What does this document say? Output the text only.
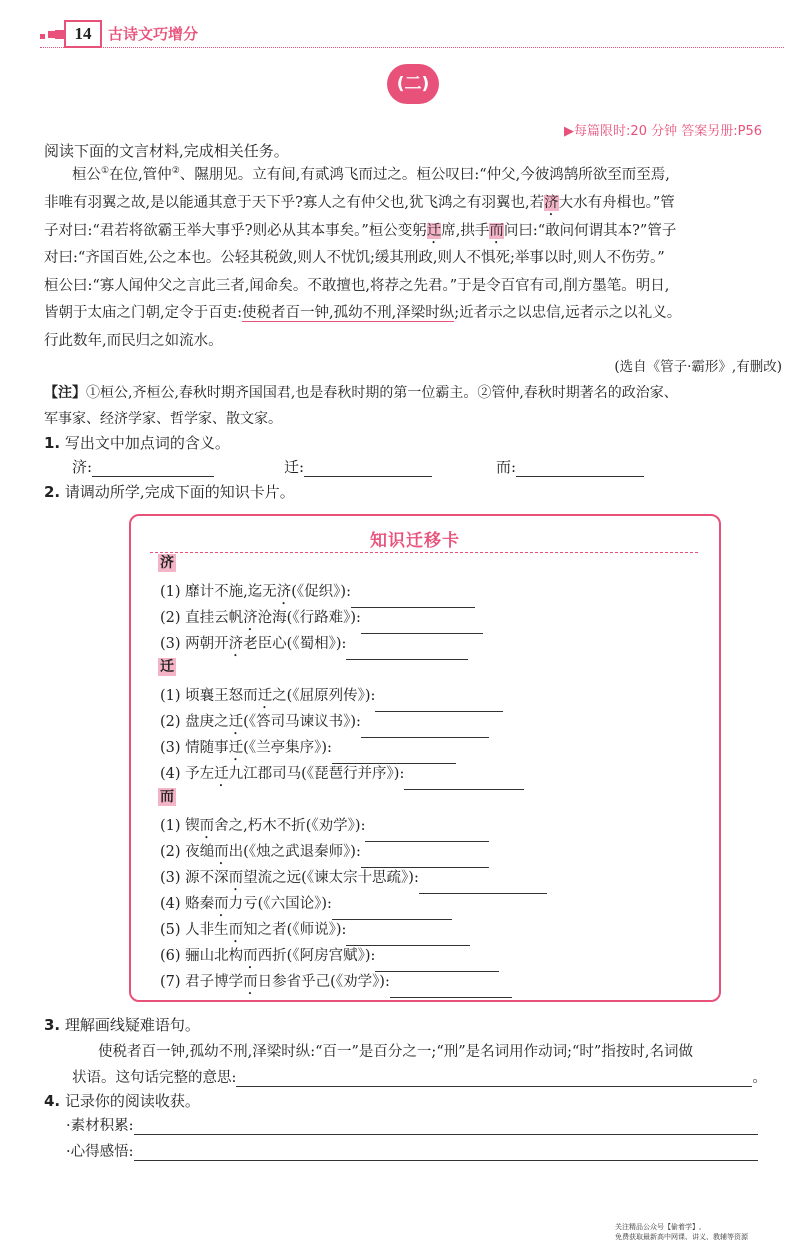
14	古诗文巧增分
(二)
▶每篇限时:20 分钟 答案另册:P56
阅读下面的文言材料,完成相关任务。
桓公①在位,管仲②、隰朋见。立有间,有贰鸿飞而过之。桓公叹曰:“仲父,今彼鸿鹄所欲至而至焉,
非唯有羽翼之故,是以能通其意于天下乎?寡人之有仲父也,犹飞鸿之有羽翼也,若济大水有舟楫也。”管
子对曰:“君若将欲霸王举大事乎?则必从其本事矣。”桓公变躬迁席,拱手而问曰:“敢问何谓其本?”管子
对曰:“齐国百姓,公之本也。公轻其税敛,则人不忧饥;缓其刑政,则人不惧死;举事以时,则人不伤劳。”
桓公曰:“寡人闻仲父之言此三者,闻命矣。不敢擅也,将荐之先君。”于是令百官有司,削方墨笔。明日,
皆朝于太庙之门朝,定令于百吏:使税者百一钟,孤幼不刑,泽梁时纵;近者示之以忠信,远者示之以礼义。
行此数年,而民归之如流水。
(选自《管子·霸形》,有删改)
【注】①桓公,齐桓公,春秋时期齐国国君,也是春秋时期的第一位霸主。②管仲,春秋时期著名的政治家、
军事家、经济学家、哲学家、散文家。
1. 写出文中加点词的含义。
济:	迁:	而:
2. 请调动所学,完成下面的知识卡片。
知识迁移卡
济
(1) 靡计不施,迄无济(《促织》):
(2) 直挂云帆济沧海(《行路难》):
(3) 两朝开济老臣心(《蜀相》):
迁
(1) 顷襄王怒而迁之(《屈原列传》):
(2) 盘庚之迁(《答司马谏议书》):
(3) 情随事迁(《兰亭集序》):
(4) 予左迁九江郡司马(《琵琶行并序》):
而
(1) 锲而舍之,朽木不折(《劝学》):
(2) 夜缒而出(《烛之武退秦师》):
(3) 源不深而望流之远(《谏太宗十思疏》):
(4) 赂秦而力亏(《六国论》):
(5) 人非生而知之者(《师说》):
(6) 骊山北构而西折(《阿房宫赋》):
(7) 君子博学而日参省乎己(《劝学》):
3. 理解画线疑难语句。
使税者百一钟,孤幼不刑,泽梁时纵:“百一”是百分之一;“刑”是名词用作动词;“时”指按时,名词做
状语。这句话完整的意思:	。
4. 记录你的阅读收获。
·素材积累:
·心得感悟:
关注精品公众号【偷着学】,
免费获取最新高中网课、讲义、教辅等资源
